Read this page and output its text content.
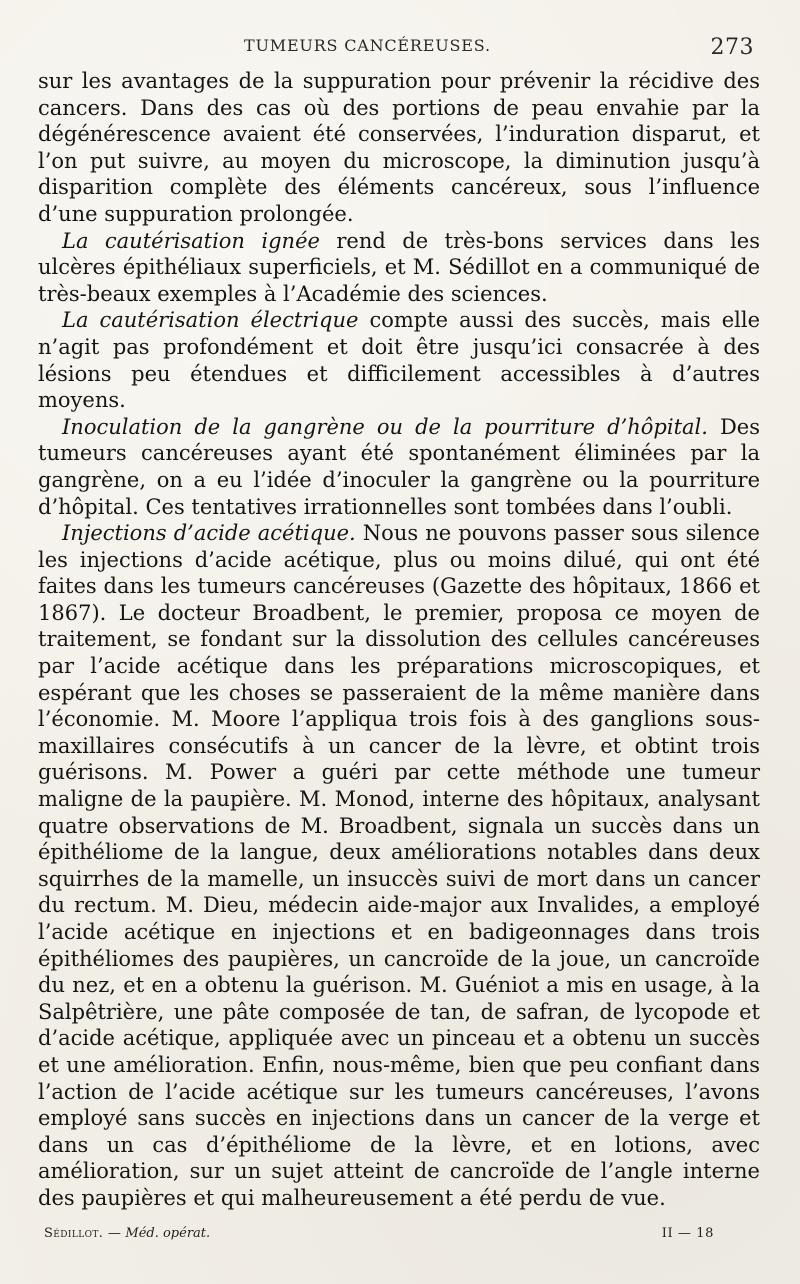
TUMEURS CANCÉREUSES.	273

sur les avantages de la suppuration pour prévenir la récidive des cancers. Dans des cas où des portions de peau envahie par la dégénérescence avaient été conservées, l’induration disparut, et l’on put suivre, au moyen du microscope, la diminution jusqu’à disparition complète des éléments cancéreux, sous l’influence d’une suppuration prolongée.

La cautérisation ignée rend de très-bons services dans les ulcères épithéliaux superficiels, et M. Sédillot en a communiqué de très-beaux exemples à l’Académie des sciences.

La cautérisation électrique compte aussi des succès, mais elle n’agit pas profondément et doit être jusqu’ici consacrée à des lésions peu étendues et difficilement accessibles à d’autres moyens.

Inoculation de la gangrène ou de la pourriture d’hôpital. Des tumeurs cancéreuses ayant été spontanément éliminées par la gangrène, on a eu l’idée d’inoculer la gangrène ou la pourriture d’hôpital. Ces tentatives irrationnelles sont tombées dans l’oubli.

Injections d’acide acétique. Nous ne pouvons passer sous silence les injections d’acide acétique, plus ou moins dilué, qui ont été faites dans les tumeurs cancéreuses (Gazette des hôpitaux, 1866 et 1867). Le docteur Broadbent, le premier, proposa ce moyen de traitement, se fondant sur la dissolution des cellules cancéreuses par l’acide acétique dans les préparations microscopiques, et espérant que les choses se passeraient de la même manière dans l’économie. M. Moore l’appliqua trois fois à des ganglions sous-maxillaires consécutifs à un cancer de la lèvre, et obtint trois guérisons. M. Power a guéri par cette méthode une tumeur maligne de la paupière. M. Monod, interne des hôpitaux, analysant quatre observations de M. Broadbent, signala un succès dans un épithéliome de la langue, deux améliorations notables dans deux squirrhes de la mamelle, un insuccès suivi de mort dans un cancer du rectum. M. Dieu, médecin aide-major aux Invalides, a employé l’acide acétique en injections et en badigeonnages dans trois épithéliomes des paupières, un cancroïde de la joue, un cancroïde du nez, et en a obtenu la guérison. M. Guéniot a mis en usage, à la Salpêtrière, une pâte composée de tan, de safran, de lycopode et d’acide acétique, appliquée avec un pinceau et a obtenu un succès et une amélioration. Enfin, nous-même, bien que peu confiant dans l’action de l’acide acétique sur les tumeurs cancéreuses, l’avons employé sans succès en injections dans un cancer de la verge et dans un cas d’épithéliome de la lèvre, et en lotions, avec amélioration, sur un sujet atteint de cancroïde de l’angle interne des paupières et qui malheureusement a été perdu de vue.

Sédillot. — Méd. opérat.	II — 18
